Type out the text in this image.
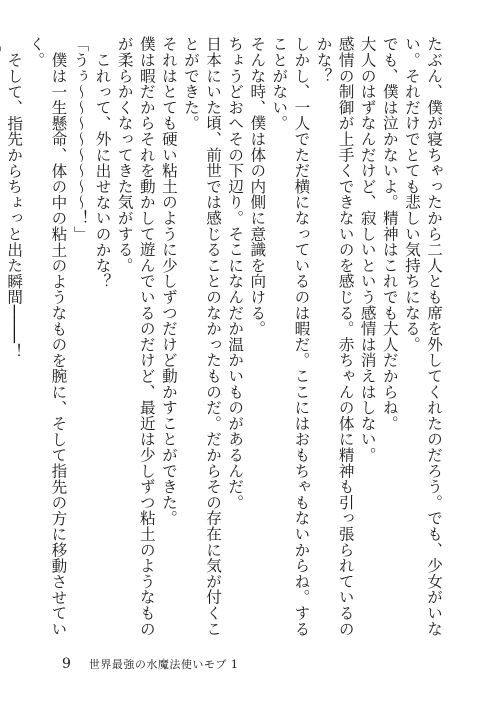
たぶん、僕が寝ちゃったから二人とも席を外してくれたのだろう。でも、少女がいない。それだけでとても悲しい気持ちになる。

でも、僕は泣かないよ。精神はこれでも大人だからね。

大人のはずなんだけど、寂しいという感情は消えはしない。

感情の制御が上手くできないのを感じる。赤ちゃんの体に精神も引っ張られているのかな？

しかし、一人でただ横になっているのは暇だ。ここにはおもちゃもないからね。することがない。

そんな時、僕は体の内側に意識を向ける。

ちょうどおへその下辺り。そこになんだか温かいものがあるんだ。

日本にいた頃、前世では感じることのなかったものだ。だからその存在に気が付くことができた。

それはとても硬い粘土のように少しずつだけど動かすことができた。

僕は暇だからそれを動かして遊んでいるのだけど、最近は少しずつ粘土のようなものが柔らかくなってきた気がする。

これって、外に出せないのかな？

「うぅ～～～～～～～～！」

僕は一生懸命、体の中の粘土のようなものを腕に、そして指先の方に移動させていく。

そして、指先からちょっと出た瞬間────！

9 世界最強の水魔法使いモブ 1
